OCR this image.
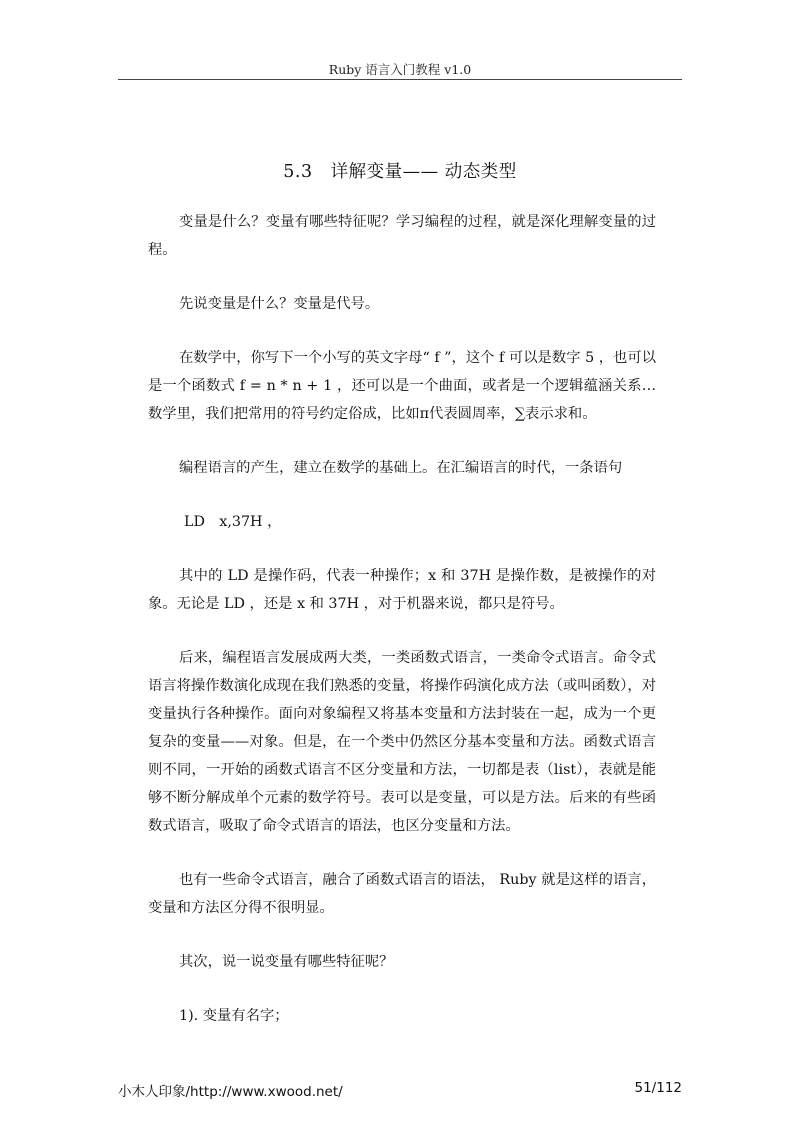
Ruby 语言入门教程 v1.0
5.3　详解变量—— 动态类型

变量是什么？变量有哪些特征呢？学习编程的过程，就是深化理解变量的过程。

先说变量是什么？变量是代号。

在数学中，你写下一个小写的英文字母“ f ”，这个 f 可以是数字 5 ，也可以是一个函数式 f = n * n + 1 ，还可以是一个曲面，或者是一个逻辑蕴涵关系…数学里，我们把常用的符号约定俗成，比如π代表圆周率，∑表示求和。

编程语言的产生，建立在数学的基础上。在汇编语言的时代，一条语句

LD　x,37H ，

其中的 LD 是操作码，代表一种操作；x 和 37H 是操作数，是被操作的对象。无论是 LD ，还是 x 和 37H ，对于机器来说，都只是符号。

后来，编程语言发展成两大类，一类函数式语言，一类命令式语言。命令式语言将操作数演化成现在我们熟悉的变量，将操作码演化成方法（或叫函数），对变量执行各种操作。面向对象编程又将基本变量和方法封装在一起，成为一个更复杂的变量——对象。但是，在一个类中仍然区分基本变量和方法。函数式语言则不同，一开始的函数式语言不区分变量和方法，一切都是表（list），表就是能够不断分解成单个元素的数学符号。表可以是变量，可以是方法。后来的有些函数式语言，吸取了命令式语言的语法，也区分变量和方法。

也有一些命令式语言，融合了函数式语言的语法， Ruby 就是这样的语言，变量和方法区分得不很明显。

其次，说一说变量有哪些特征呢？

1). 变量有名字；

小木人印象/http://www.xwood.net/	51/112
